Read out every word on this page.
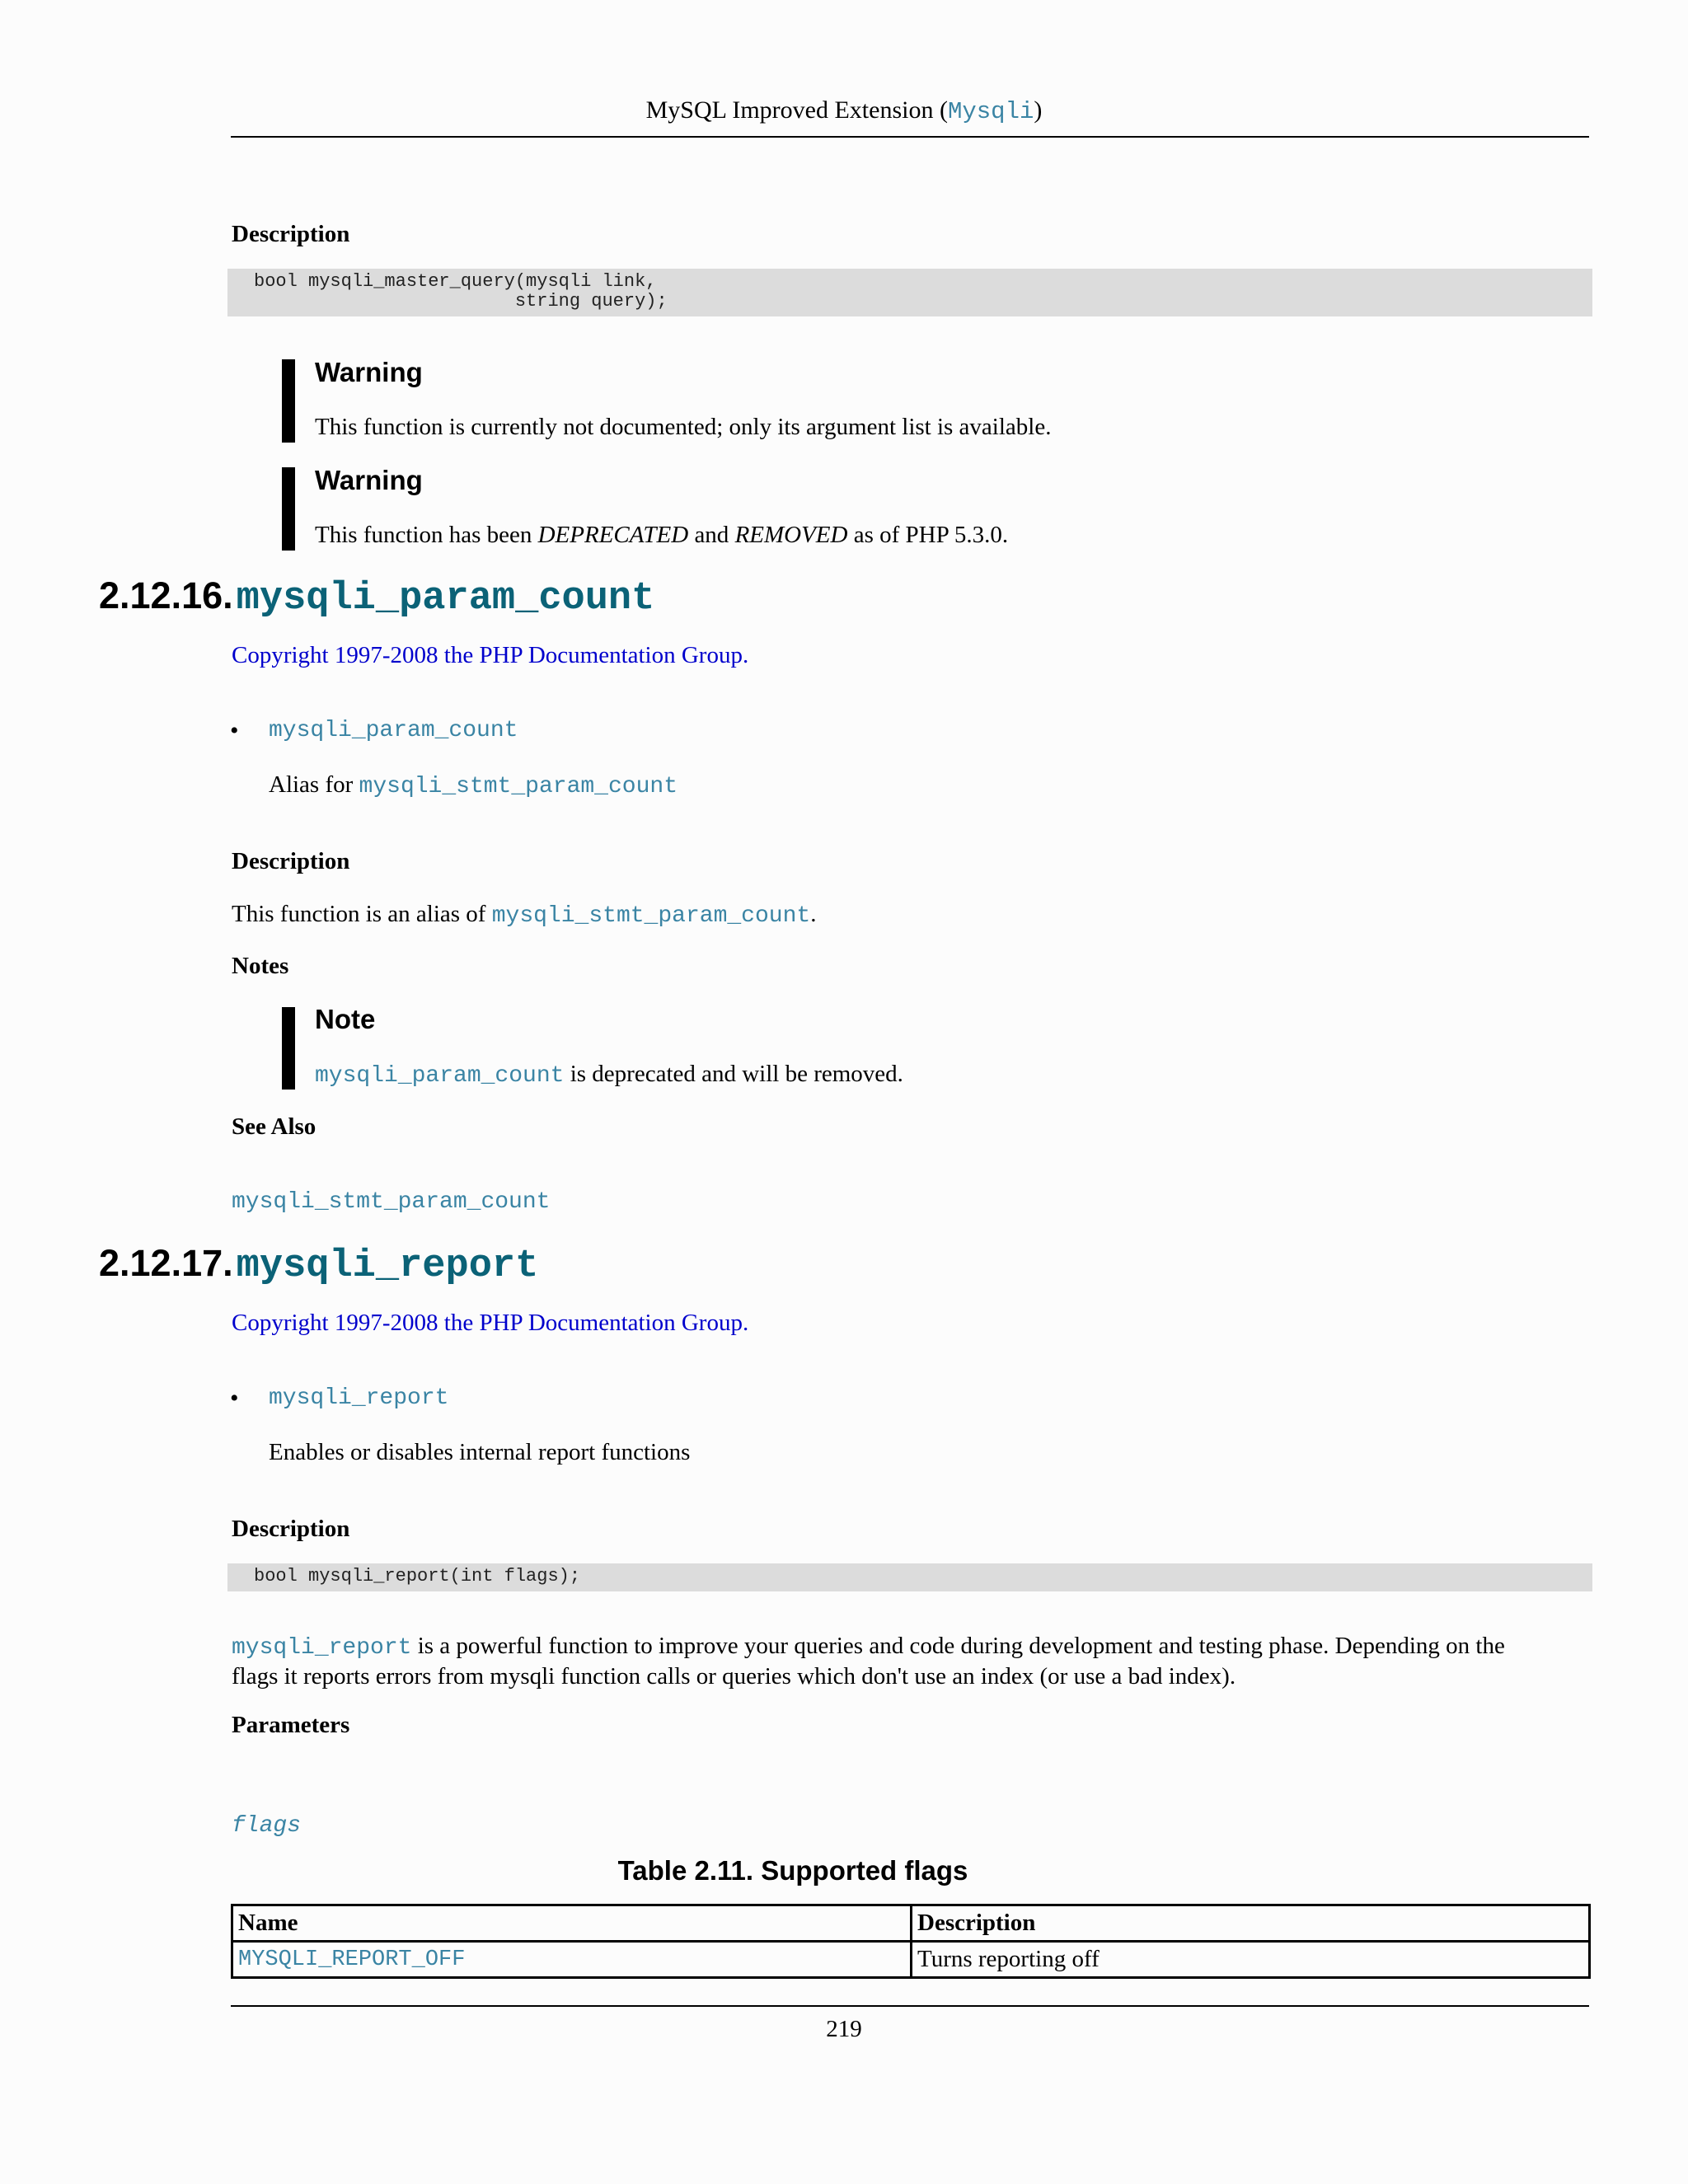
MySQL Improved Extension (Mysqli)
Description
bool mysqli_master_query(mysqli link,
string query);
Warning
This function is currently not documented; only its argument list is available.
Warning
This function has been DEPRECATED and REMOVED as of PHP 5.3.0.
2.12.16. mysqli_param_count
Copyright 1997-2008 the PHP Documentation Group.
• mysqli_param_count
Alias for mysqli_stmt_param_count
Description
This function is an alias of mysqli_stmt_param_count.
Notes
Note
mysqli_param_count is deprecated and will be removed.
See Also
mysqli_stmt_param_count
2.12.17. mysqli_report
Copyright 1997-2008 the PHP Documentation Group.
• mysqli_report
Enables or disables internal report functions
Description
bool mysqli_report(int flags);
mysqli_report is a powerful function to improve your queries and code during development and testing phase. Depending on the
flags it reports errors from mysqli function calls or queries which don't use an index (or use a bad index).
Parameters
flags
Table 2.11. Supported flags
Name	Description
MYSQLI_REPORT_OFF	Turns reporting off
219
